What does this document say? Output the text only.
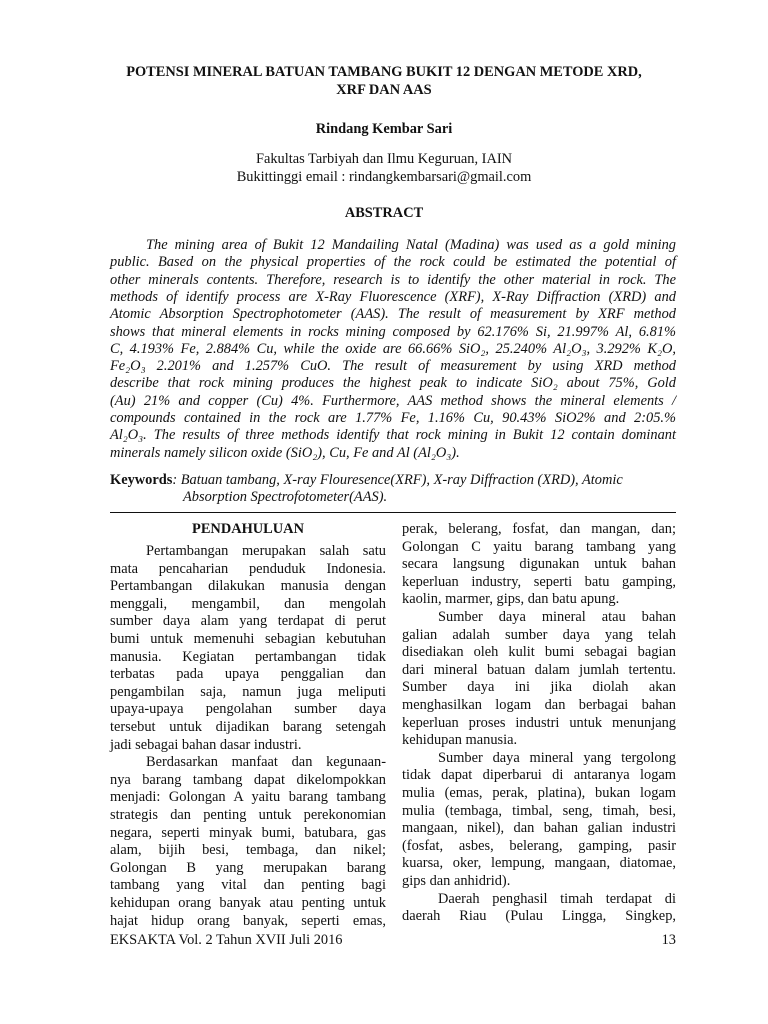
POTENSI MINERAL BATUAN TAMBANG BUKIT 12 DENGAN METODE XRD,
XRF DAN AAS
Rindang Kembar Sari
Fakultas Tarbiyah dan Ilmu Keguruan, IAIN
Bukittinggi email : rindangkembarsari@gmail.com
ABSTRACT
The mining area of Bukit 12 Mandailing Natal (Madina) was used as a gold mining
public. Based on the physical properties of the rock could be estimated the potential of
other minerals contents. Therefore, research is to identify the other material in rock. The
methods of identify process are X-Ray Fluorescence (XRF), X-Ray Diffraction (XRD) and
Atomic Absorption Spectrophotometer (AAS). The result of measurement by XRF method
shows that mineral elements in rocks mining composed by 62.176% Si, 21.997% Al, 6.81%
C, 4.193% Fe, 2.884% Cu, while the oxide are 66.66% SiO₂, 25.240% Al₂O₃, 3.292% K₂O,
Fe₂O₃ 2.201% and 1.257% CuO. The result of measurement by using XRD method
describe that rock mining produces the highest peak to indicate SiO₂ about 75%, Gold
(Au) 21% and copper (Cu) 4%. Furthermore, AAS method shows the mineral elements /
compounds contained in the rock are 1.77% Fe, 1.16% Cu, 90.43% SiO2% and 2:05.%
Al₂O₃. The results of three methods identify that rock mining in Bukit 12 contain dominant
minerals namely silicon oxide (SiO₂), Cu, Fe and Al (Al₂O₃).
Keywords: Batuan tambang, X-ray Flouresence(XRF), X-ray Diffraction (XRD), Atomic
Absorption Spectrofotometer(AAS).
PENDAHULUAN
Pertambangan merupakan salah satu
mata pencaharian penduduk Indonesia.
Pertambangan dilakukan manusia dengan
menggali, mengambil, dan mengolah
sumber daya alam yang terdapat di perut
bumi untuk memenuhi sebagian kebutuhan
manusia. Kegiatan pertambangan tidak
terbatas pada upaya penggalian dan
pengambilan saja, namun juga meliputi
upaya-upaya pengolahan sumber daya
tersebut untuk dijadikan barang setengah
jadi sebagai bahan dasar industri.
Berdasarkan manfaat dan kegunaan-
nya barang tambang dapat dikelompokkan
menjadi: Golongan A yaitu barang tambang
strategis dan penting untuk perekonomian
negara, seperti minyak bumi, batubara, gas
alam, bijih besi, tembaga, dan nikel;
Golongan B yang merupakan barang
tambang yang vital dan penting bagi
kehidupan orang banyak atau penting untuk
hajat hidup orang banyak, seperti emas,
perak, belerang, fosfat, dan mangan, dan;
Golongan C yaitu barang tambang yang
secara langsung digunakan untuk bahan
keperluan industry, seperti batu gamping,
kaolin, marmer, gips, dan batu apung.
Sumber daya mineral atau bahan
galian adalah sumber daya yang telah
disediakan oleh kulit bumi sebagai bagian
dari mineral batuan dalam jumlah tertentu.
Sumber daya ini jika diolah akan
menghasilkan logam dan berbagai bahan
keperluan proses industri untuk menunjang
kehidupan manusia.
Sumber daya mineral yang tergolong
tidak dapat diperbarui di antaranya logam
mulia (emas, perak, platina), bukan logam
mulia (tembaga, timbal, seng, timah, besi,
mangaan, nikel), dan bahan galian industri
(fosfat, asbes, belerang, gamping, pasir
kuarsa, oker, lempung, mangaan, diatomae,
gips dan anhidrid).
Daerah penghasil timah terdapat di
daerah Riau (Pulau Lingga, Singkep,
EKSAKTA Vol. 2 Tahun XVII Juli 2016	13
